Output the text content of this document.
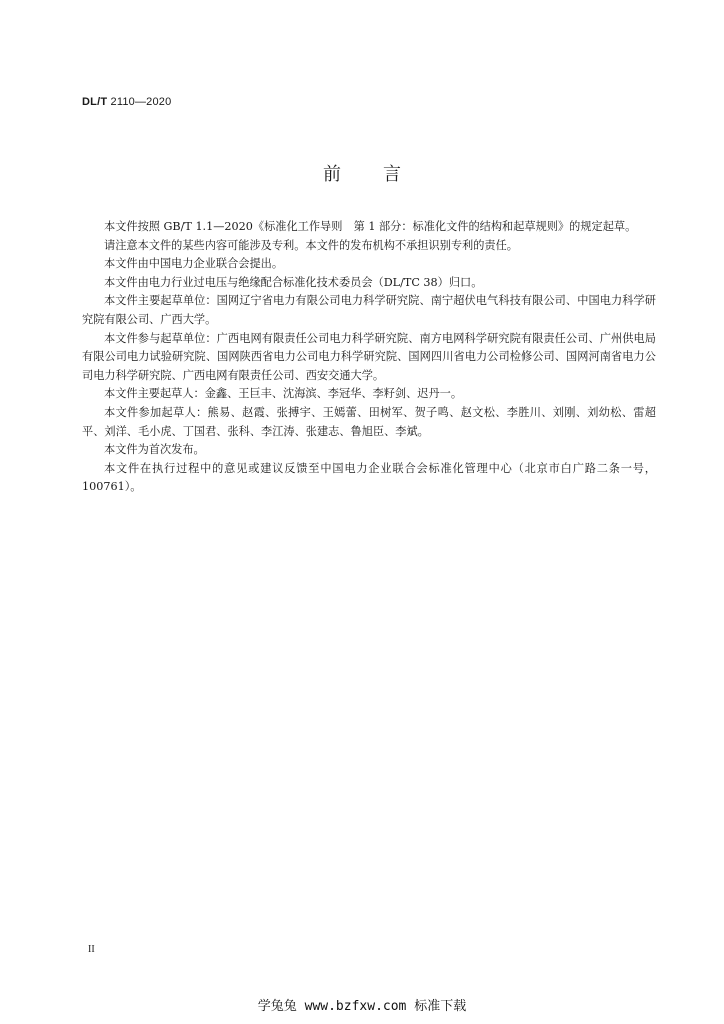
DL/T 2110—2020
前 言

本文件按照 GB/T 1.1—2020《标准化工作导则　第 1 部分：标准化文件的结构和起草规则》的规定起草。

请注意本文件的某些内容可能涉及专利。本文件的发布机构不承担识别专利的责任。

本文件由中国电力企业联合会提出。

本文件由电力行业过电压与绝缘配合标准化技术委员会（DL/TC 38）归口。

本文件主要起草单位：国网辽宁省电力有限公司电力科学研究院、南宁超伏电气科技有限公司、中国电力科学研究院有限公司、广西大学。

本文件参与起草单位：广西电网有限责任公司电力科学研究院、南方电网科学研究院有限责任公司、广州供电局有限公司电力试验研究院、国网陕西省电力公司电力科学研究院、国网四川省电力公司检修公司、国网河南省电力公司电力科学研究院、广西电网有限责任公司、西安交通大学。

本文件主要起草人：金鑫、王巨丰、沈海滨、李冠华、李籽剑、迟丹一。

本文件参加起草人：熊易、赵霞、张搏宇、王嫣蕾、田树军、贺子鸣、赵文松、李胜川、刘刚、刘幼松、雷超平、刘洋、毛小虎、丁国君、张科、李江涛、张建志、鲁旭臣、李斌。

本文件为首次发布。

本文件在执行过程中的意见或建议反馈至中国电力企业联合会标准化管理中心（北京市白广路二条一号，100761）。

II
学兔兔 www.bzfxw.com 标准下载
